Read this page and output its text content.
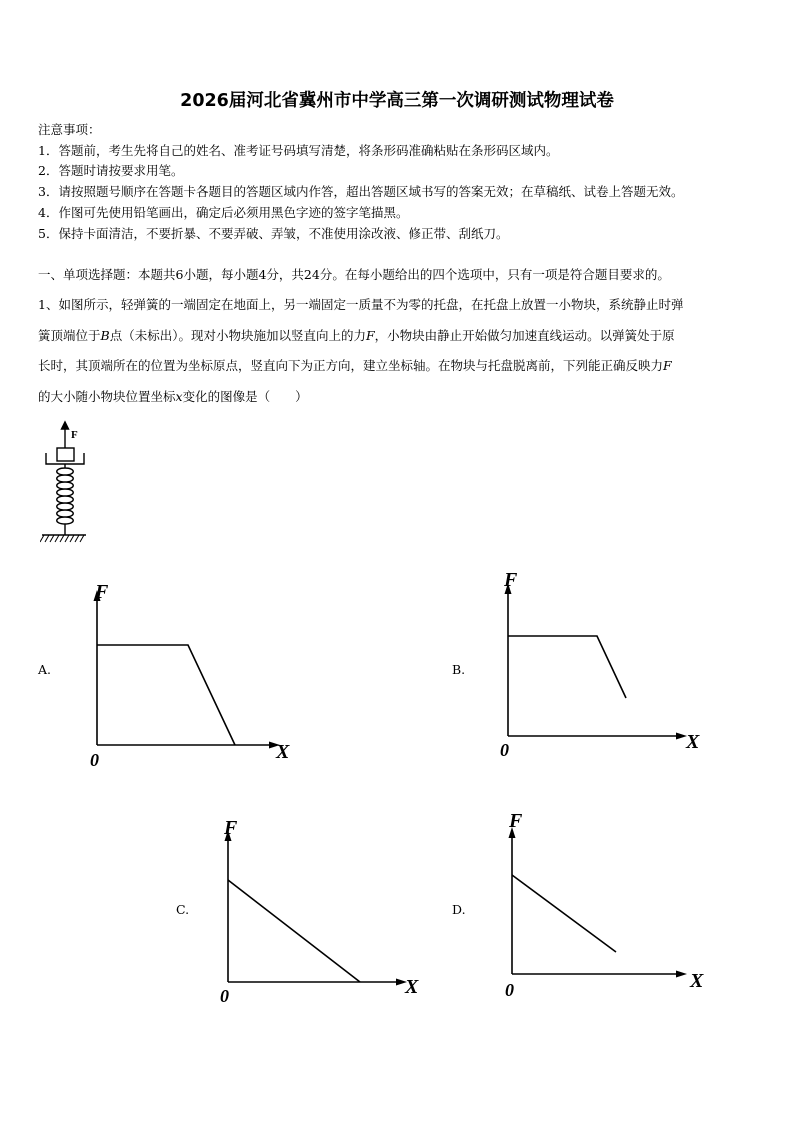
2026届河北省冀州市中学高三第一次调研测试物理试卷
注意事项：
1．答题前，考生先将自己的姓名、准考证号码填写清楚，将条形码准确粘贴在条形码区域内。
2．答题时请按要求用笔。
3．请按照题号顺序在答题卡各题目的答题区域内作答，超出答题区域书写的答案无效；在草稿纸、试卷上答题无效。
4．作图可先使用铅笔画出，确定后必须用黑色字迹的签字笔描黑。
5．保持卡面清洁，不要折暴、不要弄破、弄皱，不准使用涂改液、修正带、刮纸刀。
一、单项选择题：本题共6小题，每小题4分，共24分。在每小题给出的四个选项中，只有一项是符合题目要求的。
1、如图所示，轻弹簧的一端固定在地面上，另一端固定一质量不为零的托盘，在托盘上放置一小物块，系统静止时弹
簧顶端位于B点（未标出）。现对小物块施加以竖直向上的力F，小物块由静止开始做匀加速直线运动。以弹簧处于原
长时，其顶端所在的位置为坐标原点，竖直向下为正方向，建立坐标轴。在物块与托盘脱离前，下列能正确反映力F
的大小随小物块位置坐标x变化的图像是（　　）
F
A.
F
X
0
B.
F
X
0
C.
F
X
0
D.
F
X
0
